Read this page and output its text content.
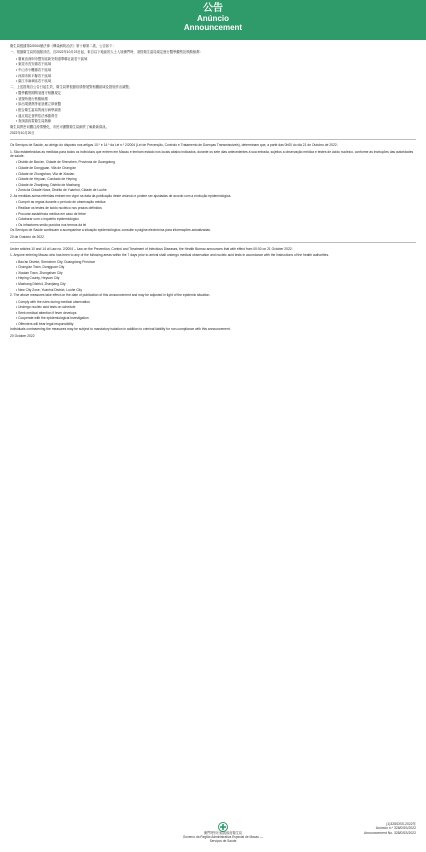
公告
Anúncio
Announcement

衛生局根據第2/2004號法律《傳染病防治法》第十條第二款，公告如下：

一、根據衛生局的風險評估，自2022年10月23日起，來自以下地區的人士入境澳門時，須按衛生當局規定進行醫學觀察及核酸檢測：

• 廣東省深圳市寶安區新安街道華聯社區若干區域
• 東莞市長安鎮若干區域
• 中山市小欖鎮若干區域
• 河源市和平縣若干區域
• 湛江市麻章區若干區域

二、上述措施自公告日起生效，衛生局將根據疫情發展對相關區域及措施作出調整。

• 醫學觀察期間須遵守相關規定
• 須按時進行核酸檢測
• 如出現發熱等症狀應立即就醫
• 配合衛生當局的流行病學調查
• 違反規定者將依法承擔責任
• 查詢請致電衛生局熱線

衛生局將密切關注疫情變化，市民可瀏覽衛生局網頁了解最新資訊。

2022年10月20日

Os Serviços de Saúde, ao abrigo do disposto nos artigos 10.º e 14.º da Lei n.º 2/2004 (Lei de Prevenção, Controlo e Tratamento de Doenças Transmissíveis), determinam que, a partir das 0h00 do dia 21 de Outubro de 2022:

1. São estabelecidas as medidas para todos os indivíduos que entrem em Macau e tenham estado nos locais abaixo indicados, durante os sete dias antecedentes à sua entrada, sujeitos a observação médica e testes de ácido nucleico, conforme as instruções das autoridades de saúde.

• Distrito de Bao'an, Cidade de Shenzhen, Província de Guangdong
• Cidade de Dongguan, Vila de Chang'an
• Cidade de Zhongshan, Vila de Xiaolan
• Cidade de Heyuan, Condado de Heping
• Cidade de Zhanjiang, Distrito de Mazhang
• Zona da Cidade Nova, Distrito de Yuanhui, Cidade de Luohe

2. As medidas acima referidas entram em vigor na data da publicação deste anúncio e podem ser ajustadas de acordo com a evolução epidemiológica.

• Cumprir as regras durante o período de observação médica
• Realizar os testes de ácido nucleico nos prazos definidos
• Procurar assistência médica em caso de febre
• Colaborar com o inquérito epidemiológico
• Os infractores serão punidos nos termos da lei

Os Serviços de Saúde continuam a acompanhar a situação epidemiológica; consulte a página electrónica para informações actualizadas.

20 de Outubro de 2022

Under articles 10 and 14 of Law no. 2/2004 – Law on the Prevention, Control and Treatment of Infectious Diseases, the Health Bureau announces that with effect from 00:00 on 21 October 2022:

1. Anyone entering Macao who has been to any of the following areas within the 7 days prior to arrival shall undergo medical observation and nucleic acid tests in accordance with the instructions of the health authorities.

• Bao'an District, Shenzhen City, Guangdong Province
• Chang'an Town, Dongguan City
• Xiaolan Town, Zhongshan City
• Heping County, Heyuan City
• Mazhang District, Zhanjiang City
• New City Zone, Yuanhui District, Luohe City

2. The above measures take effect on the date of publication of this announcement and may be adjusted in light of the epidemic situation.

• Comply with the rules during medical observation
• Undergo nucleic acid tests on schedule
• Seek medical attention if fever develops
• Cooperate with the epidemiological investigation
• Offenders will bear legal responsibility

Individuals contravening the measures may be subject to mandatory isolation in addition to criminal liability for non-compliance with this announcement.

20 October 2022
澳門特別行政區政府衛生局
Governo da Região Administrativa Especial de Macau — Serviços de Saúde
(1)328/DSS-2022年
Anúncio n.º 328/DSS/2022
Announcement No. 328/DSS/2022
